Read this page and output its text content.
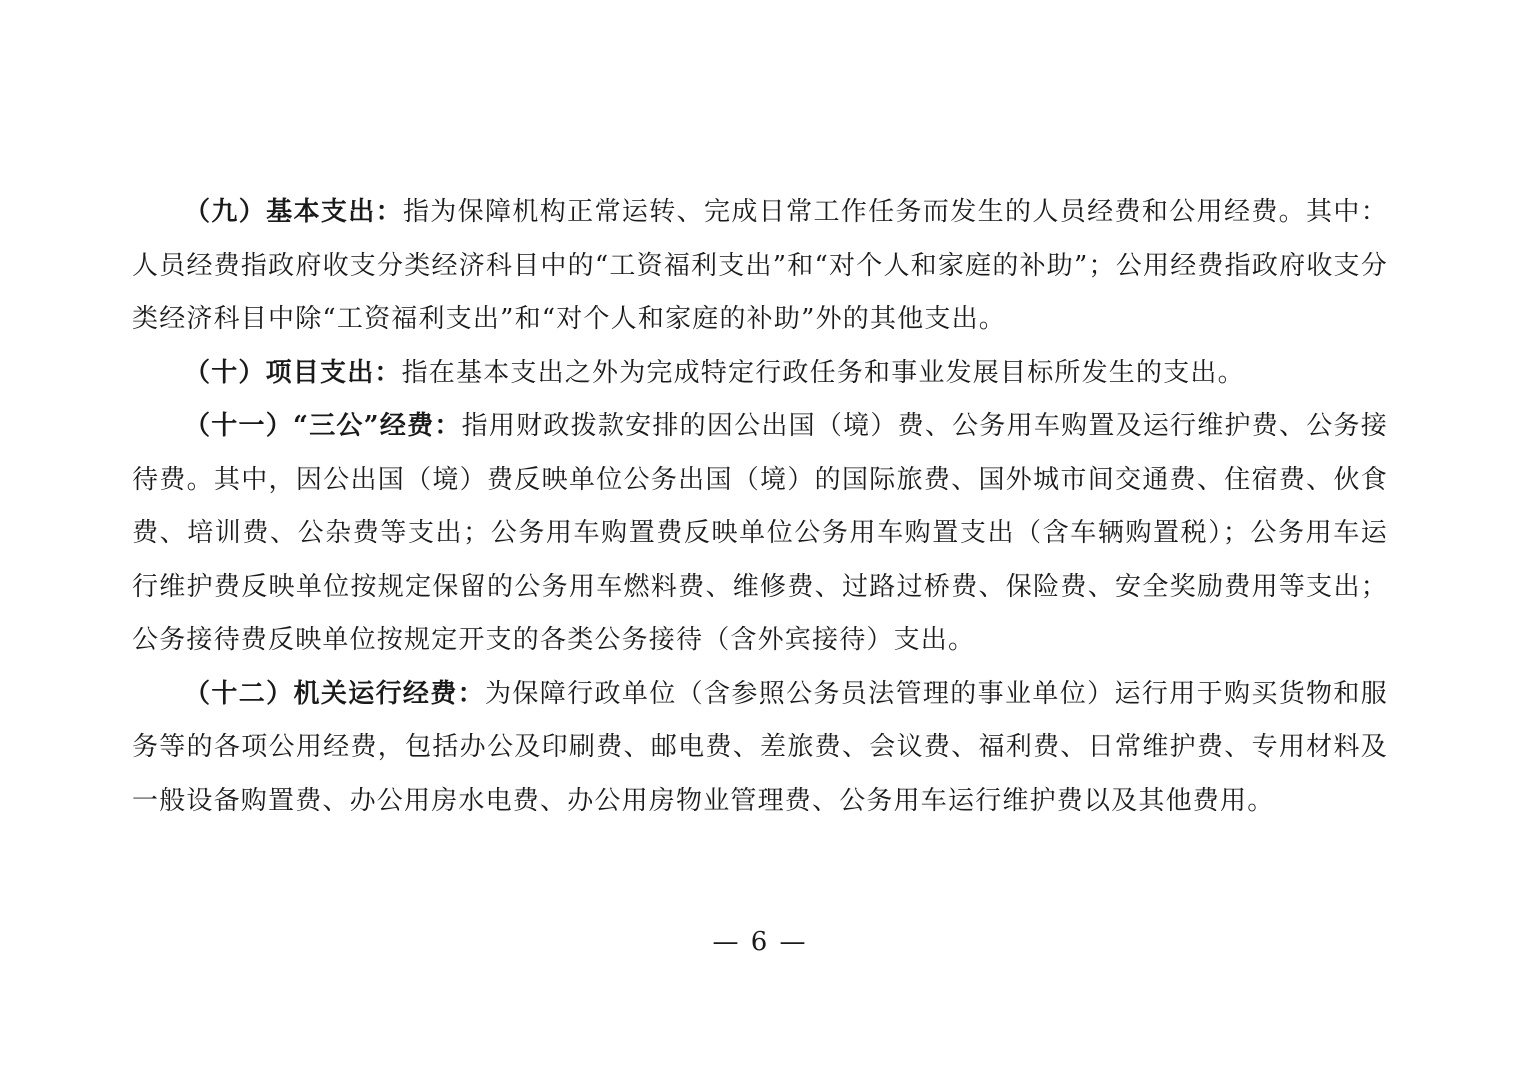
（九）基本支出：指为保障机构正常运转、完成日常工作任务而发生的人员经费和公用经费。其中：人员经费指政府收支分类经济科目中的“工资福利支出”和“对个人和家庭的补助”；公用经费指政府收支分类经济科目中除“工资福利支出”和“对个人和家庭的补助”外的其他支出。

（十）项目支出：指在基本支出之外为完成特定行政任务和事业发展目标所发生的支出。

（十一）“三公”经费：指用财政拨款安排的因公出国（境）费、公务用车购置及运行维护费、公务接待费。其中，因公出国（境）费反映单位公务出国（境）的国际旅费、国外城市间交通费、住宿费、伙食费、培训费、公杂费等支出；公务用车购置费反映单位公务用车购置支出（含车辆购置税）；公务用车运行维护费反映单位按规定保留的公务用车燃料费、维修费、过路过桥费、保险费、安全奖励费用等支出；公务接待费反映单位按规定开支的各类公务接待（含外宾接待）支出。

（十二）机关运行经费：为保障行政单位（含参照公务员法管理的事业单位）运行用于购买货物和服务等的各项公用经费，包括办公及印刷费、邮电费、差旅费、会议费、福利费、日常维护费、专用材料及一般设备购置费、办公用房水电费、办公用房物业管理费、公务用车运行维护费以及其他费用。

— 6 —
